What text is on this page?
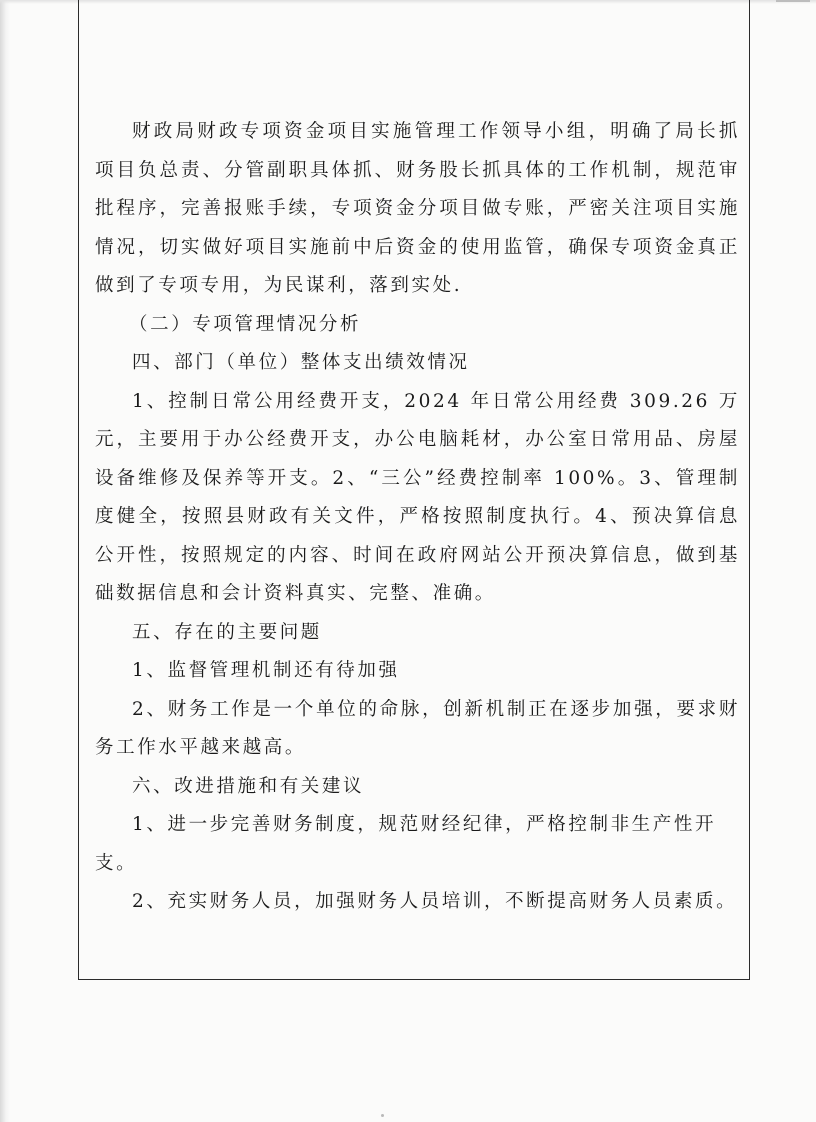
财政局财政专项资金项目实施管理工作领导小组，明确了局长抓项目负总责、分管副职具体抓、财务股长抓具体的工作机制，规范审批程序，完善报账手续，专项资金分项目做专账，严密关注项目实施情况，切实做好项目实施前中后资金的使用监管，确保专项资金真正做到了专项专用，为民谋利，落到实处.

（二）专项管理情况分析

四、部门（单位）整体支出绩效情况

1、控制日常公用经费开支，2024 年日常公用经费 309.26 万元，主要用于办公经费开支，办公电脑耗材，办公室日常用品、房屋设备维修及保养等开支。2、“三公”经费控制率 100%。3、管理制度健全，按照县财政有关文件，严格按照制度执行。4、预决算信息公开性，按照规定的内容、时间在政府网站公开预决算信息，做到基础数据信息和会计资料真实、完整、准确。

五、存在的主要问题

1、监督管理机制还有待加强

2、财务工作是一个单位的命脉，创新机制正在逐步加强，要求财务工作水平越来越高。

六、改进措施和有关建议

1、进一步完善财务制度，规范财经纪律，严格控制非生产性开支。

2、充实财务人员，加强财务人员培训，不断提高财务人员素质。
